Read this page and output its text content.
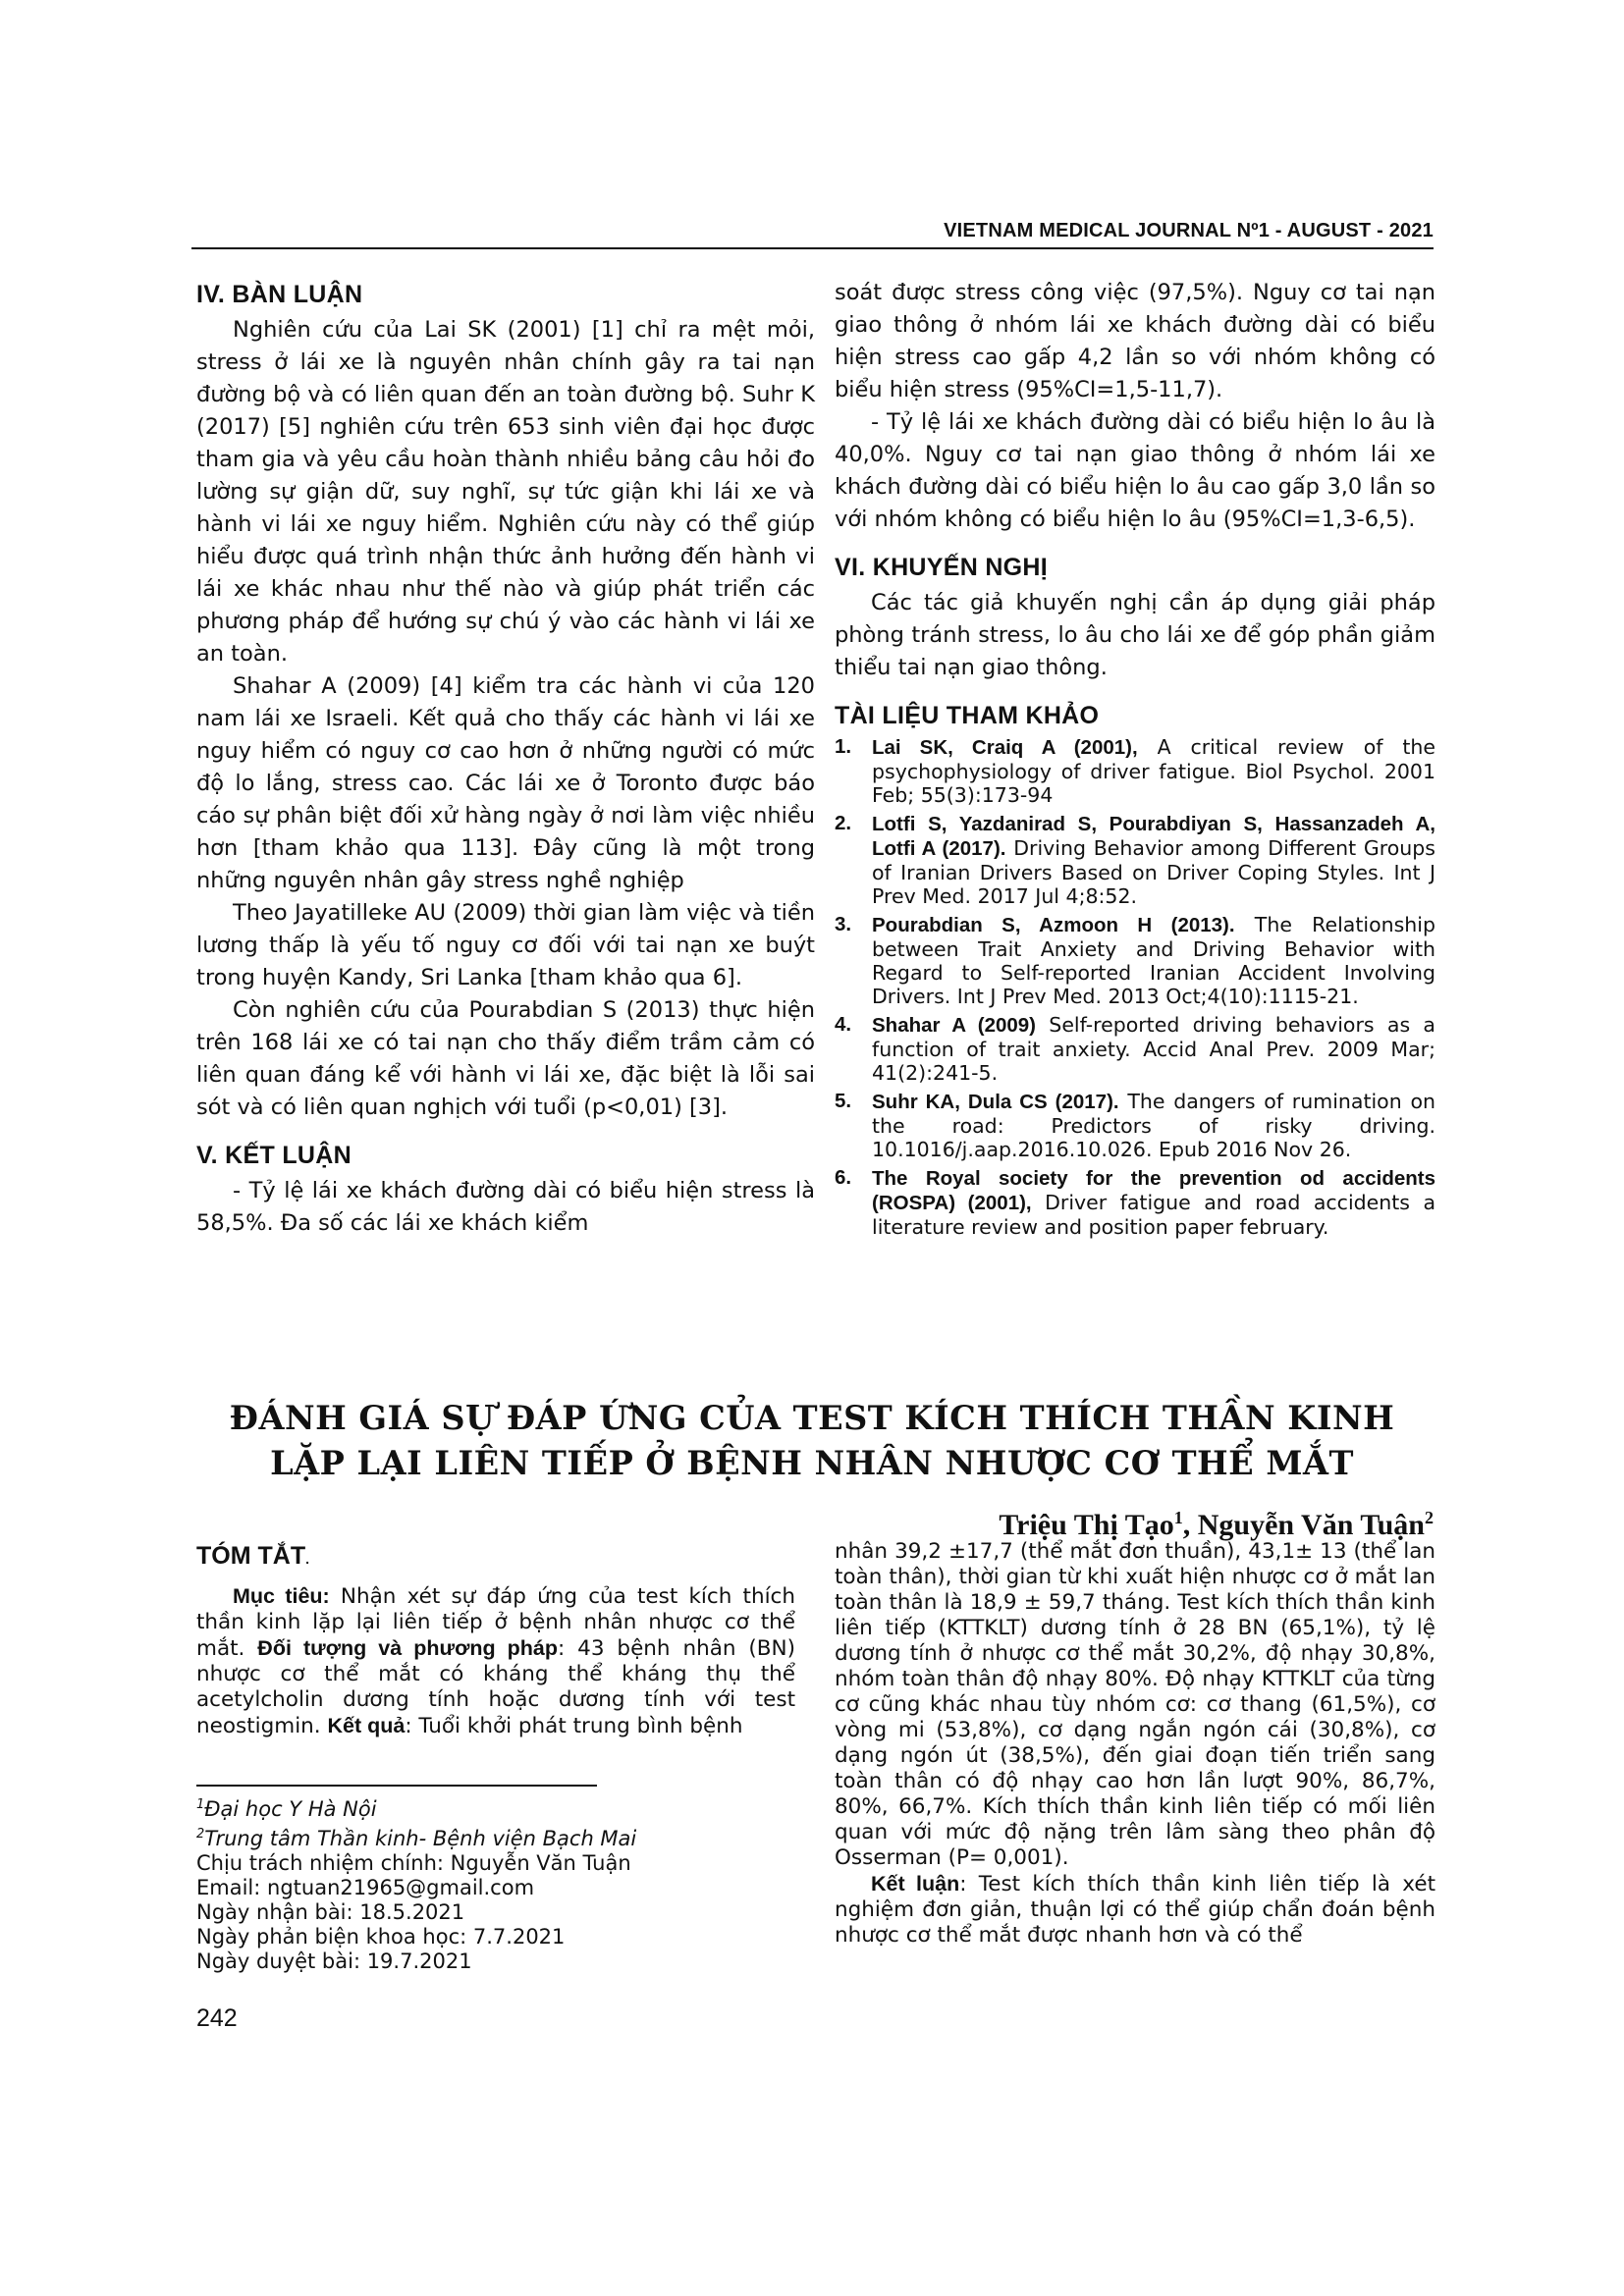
VIETNAM MEDICAL JOURNAL Nº1 - AUGUST - 2021
IV. BÀN LUẬN

Nghiên cứu của Lai SK (2001) [1] chỉ ra mệt mỏi, stress ở lái xe là nguyên nhân chính gây ra tai nạn đường bộ và có liên quan đến an toàn đường bộ. Suhr K (2017) [5] nghiên cứu trên 653 sinh viên đại học được tham gia và yêu cầu hoàn thành nhiều bảng câu hỏi đo lường sự giận dữ, suy nghĩ, sự tức giận khi lái xe và hành vi lái xe nguy hiểm. Nghiên cứu này có thể giúp hiểu được quá trình nhận thức ảnh hưởng đến hành vi lái xe khác nhau như thế nào và giúp phát triển các phương pháp để hướng sự chú ý vào các hành vi lái xe an toàn.

Shahar A (2009) [4] kiểm tra các hành vi của 120 nam lái xe Israeli. Kết quả cho thấy các hành vi lái xe nguy hiểm có nguy cơ cao hơn ở những người có mức độ lo lắng, stress cao. Các lái xe ở Toronto được báo cáo sự phân biệt đối xử hàng ngày ở nơi làm việc nhiều hơn [tham khảo qua 113]. Đây cũng là một trong những nguyên nhân gây stress nghề nghiệp

Theo Jayatilleke AU (2009) thời gian làm việc và tiền lương thấp là yếu tố nguy cơ đối với tai nạn xe buýt trong huyện Kandy, Sri Lanka [tham khảo qua 6].

Còn nghiên cứu của Pourabdian S (2013) thực hiện trên 168 lái xe có tai nạn cho thấy điểm trầm cảm có liên quan đáng kể với hành vi lái xe, đặc biệt là lỗi sai sót và có liên quan nghịch với tuổi (p<0,01) [3].

V. KẾT LUẬN

- Tỷ lệ lái xe khách đường dài có biểu hiện stress là 58,5%. Đa số các lái xe khách kiểm

soát được stress công việc (97,5%). Nguy cơ tai nạn giao thông ở nhóm lái xe khách đường dài có biểu hiện stress cao gấp 4,2 lần so với nhóm không có biểu hiện stress (95%CI=1,5-11,7).

- Tỷ lệ lái xe khách đường dài có biểu hiện lo âu là 40,0%. Nguy cơ tai nạn giao thông ở nhóm lái xe khách đường dài có biểu hiện lo âu cao gấp 3,0 lần so với nhóm không có biểu hiện lo âu (95%CI=1,3-6,5).

VI. KHUYẾN NGHỊ

Các tác giả khuyến nghị cần áp dụng giải pháp phòng tránh stress, lo âu cho lái xe để góp phần giảm thiểu tai nạn giao thông.

TÀI LIỆU THAM KHẢO
1. Lai SK, Craiq A (2001), A critical review of the psychophysiology of driver fatigue. Biol Psychol. 2001 Feb; 55(3):173-94
2. Lotfi S, Yazdanirad S, Pourabdiyan S, Hassanzadeh A, Lotfi A (2017). Driving Behavior among Different Groups of Iranian Drivers Based on Driver Coping Styles. Int J Prev Med. 2017 Jul 4;8:52.
3. Pourabdian S, Azmoon H (2013). The Relationship between Trait Anxiety and Driving Behavior with Regard to Self-reported Iranian Accident Involving Drivers. Int J Prev Med. 2013 Oct;4(10):1115-21.
4. Shahar A (2009) Self-reported driving behaviors as a function of trait anxiety. Accid Anal Prev. 2009 Mar; 41(2):241-5.
5. Suhr KA, Dula CS (2017). The dangers of rumination on the road: Predictors of risky driving. 10.1016/j.aap.2016.10.026. Epub 2016 Nov 26.
6. The Royal society for the prevention od accidents (ROSPA) (2001), Driver fatigue and road accidents a literature review and position paper february.
ĐÁNH GIÁ SỰ ĐÁP ỨNG CỦA TEST KÍCH THÍCH THẦN KINH
LẶP LẠI LIÊN TIẾP Ở BỆNH NHÂN NHƯỢC CƠ THỂ MẮT
Triệu Thị Tạo$^1$, Nguyễn Văn Tuận$^2$
TÓM TẮT.

Mục tiêu: Nhận xét sự đáp ứng của test kích thích thần kinh lặp lại liên tiếp ở bệnh nhân nhược cơ thể mắt. Đối tượng và phương pháp: 43 bệnh nhân (BN) nhược cơ thể mắt có kháng thể kháng thụ thể acetylcholin dương tính hoặc dương tính với test neostigmin. Kết quả: Tuổi khởi phát trung bình bệnh

$^1$Đại học Y Hà Nội
$^2$Trung tâm Thần kinh- Bệnh viện Bạch Mai
Chịu trách nhiệm chính: Nguyễn Văn Tuận
Email: ngtuan21965@gmail.com
Ngày nhận bài: 18.5.2021
Ngày phản biện khoa học: 7.7.2021
Ngày duyệt bài: 19.7.2021

nhân 39,2 ±17,7 (thể mắt đơn thuần), 43,1± 13 (thể lan toàn thân), thời gian từ khi xuất hiện nhược cơ ở mắt lan toàn thân là 18,9 ± 59,7 tháng. Test kích thích thần kinh liên tiếp (KTTKLT) dương tính ở 28 BN (65,1%), tỷ lệ dương tính ở nhược cơ thể mắt 30,2%, độ nhạy 30,8%, nhóm toàn thân độ nhạy 80%. Độ nhạy KTTKLT của từng cơ cũng khác nhau tùy nhóm cơ: cơ thang (61,5%), cơ vòng mi (53,8%), cơ dạng ngắn ngón cái (30,8%), cơ dạng ngón út (38,5%), đến giai đoạn tiến triển sang toàn thân có độ nhạy cao hơn lần lượt 90%, 86,7%, 80%, 66,7%. Kích thích thần kinh liên tiếp có mối liên quan với mức độ nặng trên lâm sàng theo phân độ Osserman (P= 0,001).

Kết luận: Test kích thích thần kinh liên tiếp là xét nghiệm đơn giản, thuận lợi có thể giúp chẩn đoán bệnh nhược cơ thể mắt được nhanh hơn và có thể

242
